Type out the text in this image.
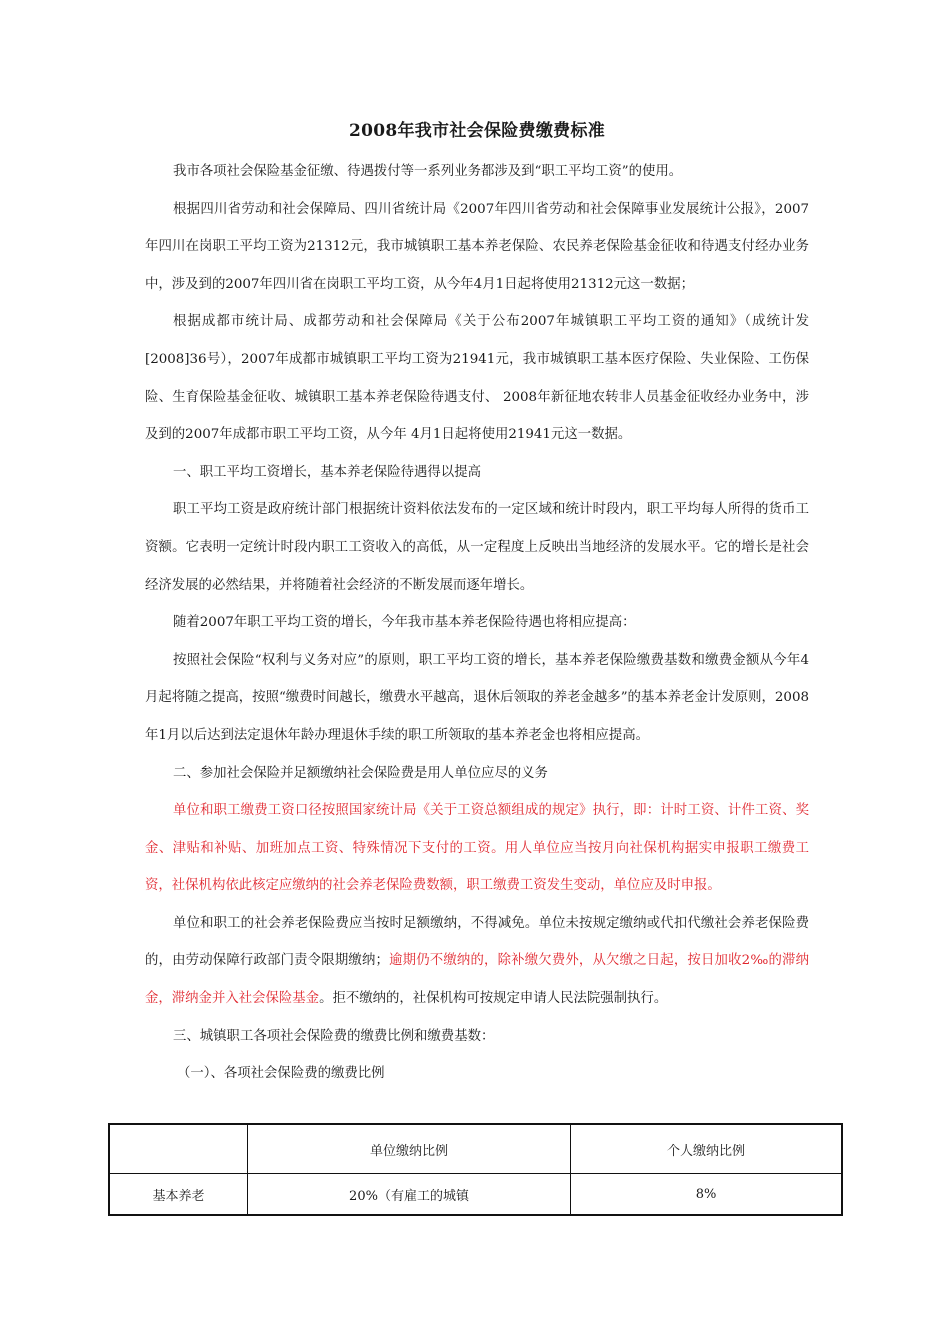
2008年我市社会保险费缴费标准

我市各项社会保险基金征缴、待遇拨付等一系列业务都涉及到“职工平均工资”的使用。

根据四川省劳动和社会保障局、四川省统计局《2007年四川省劳动和社会保障事业发展统计公报》，2007年四川在岗职工平均工资为21312元，我市城镇职工基本养老保险、农民养老保险基金征收和待遇支付经办业务中，涉及到的2007年四川省在岗职工平均工资，从今年4月1日起将使用21312元这一数据；

根据成都市统计局、成都劳动和社会保障局《关于公布2007年城镇职工平均工资的通知》（成统计发[2008]36号），2007年成都市城镇职工平均工资为21941元，我市城镇职工基本医疗保险、失业保险、工伤保险、生育保险基金征收、城镇职工基本养老保险待遇支付、 2008年新征地农转非人员基金征收经办业务中，涉及到的2007年成都市职工平均工资，从今年 4月1日起将使用21941元这一数据。

一、职工平均工资增长，基本养老保险待遇得以提高

职工平均工资是政府统计部门根据统计资料依法发布的一定区域和统计时段内，职工平均每人所得的货币工资额。它表明一定统计时段内职工工资收入的高低，从一定程度上反映出当地经济的发展水平。它的增长是社会经济发展的必然结果，并将随着社会经济的不断发展而逐年增长。

随着2007年职工平均工资的增长，今年我市基本养老保险待遇也将相应提高：

按照社会保险“权利与义务对应”的原则，职工平均工资的增长，基本养老保险缴费基数和缴费金额从今年4月起将随之提高，按照“缴费时间越长，缴费水平越高，退休后领取的养老金越多”的基本养老金计发原则，2008年1月以后达到法定退休年龄办理退休手续的职工所领取的基本养老金也将相应提高。

二、参加社会保险并足额缴纳社会保险费是用人单位应尽的义务

单位和职工缴费工资口径按照国家统计局《关于工资总额组成的规定》执行，即：计时工资、计件工资、奖金、津贴和补贴、加班加点工资、特殊情况下支付的工资。用人单位应当按月向社保机构据实申报职工缴费工资，社保机构依此核定应缴纳的社会养老保险费数额，职工缴费工资发生变动，单位应及时申报。

单位和职工的社会养老保险费应当按时足额缴纳，不得减免。单位未按规定缴纳或代扣代缴社会养老保险费的，由劳动保障行政部门责令限期缴纳；逾期仍不缴纳的，除补缴欠费外，从欠缴之日起，按日加收2‰的滞纳金，滞纳金并入社会保险基金。拒不缴纳的，社保机构可按规定申请人民法院强制执行。

三、城镇职工各项社会保险费的缴费比例和缴费基数：

（一）、各项社会保险费的缴费比例

	单位缴纳比例	个人缴纳比例
基本养老	20%（有雇工的城镇	8%
